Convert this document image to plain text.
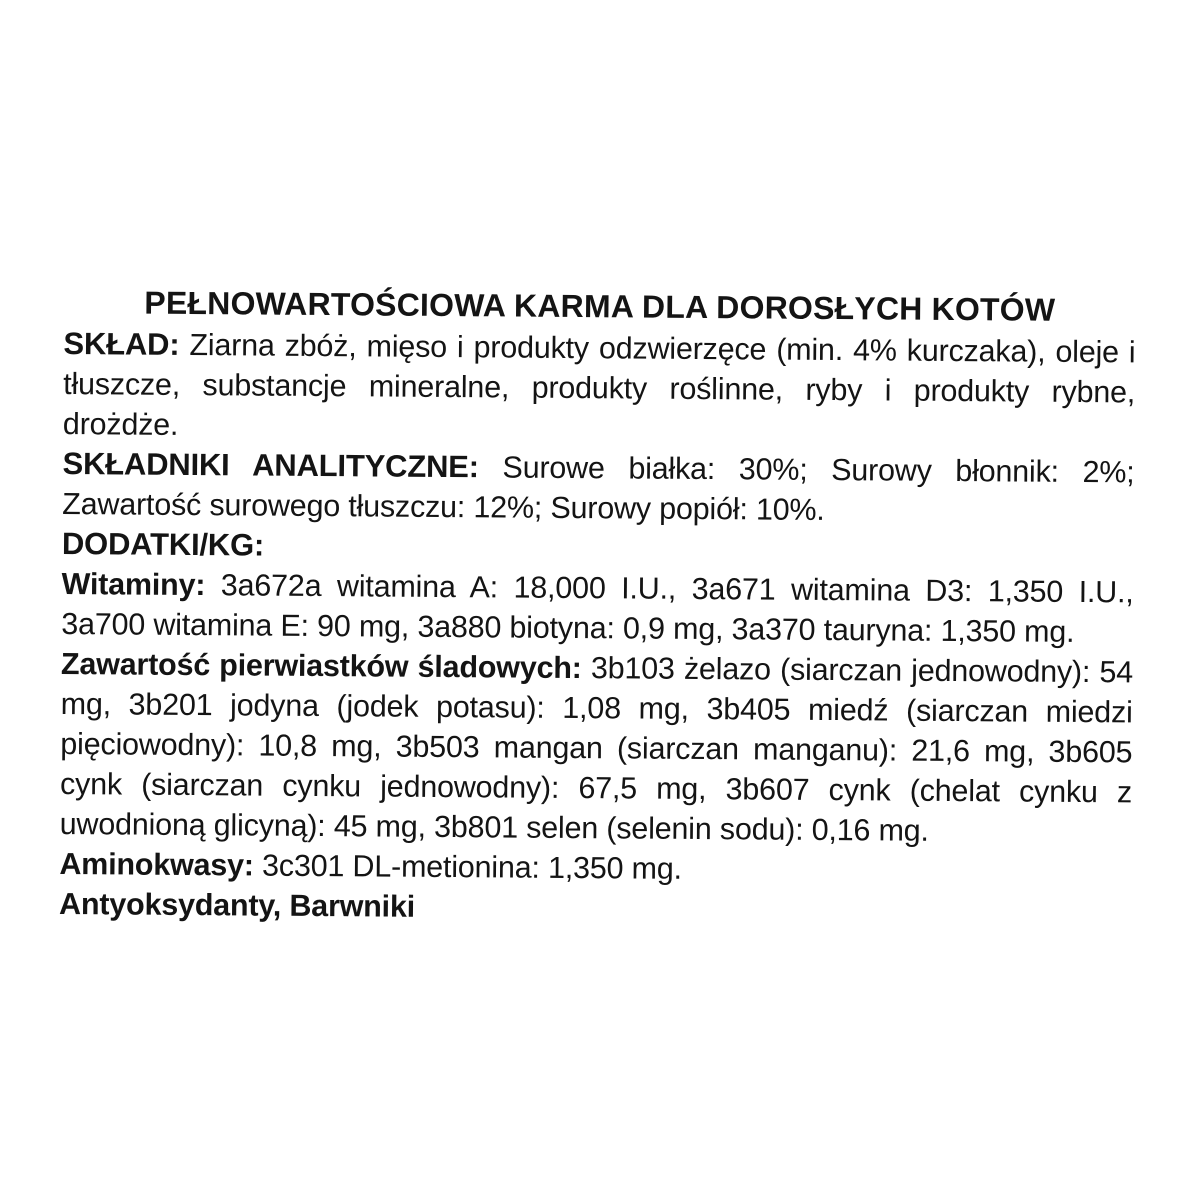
PEŁNOWARTOŚCIOWA KARMA DLA DOROSŁYCH KOTÓW

SKŁAD: Ziarna zbóż, mięso i produkty odzwierzęce (min. 4% kurczaka), oleje i tłuszcze, substancje mineralne, produkty roślinne, ryby i produkty rybne, drożdże.

SKŁADNIKI ANALITYCZNE: Surowe białka: 30%; Surowy błonnik: 2%; Zawartość surowego tłuszczu: 12%; Surowy popiół: 10%.

DODATKI/KG:

Witaminy: 3a672a witamina A: 18,000 I.U., 3a671 witamina D3: 1,350 I.U., 3a700 witamina E: 90 mg, 3a880 biotyna: 0,9 mg, 3a370 tauryna: 1,350 mg.

Zawartość pierwiastków śladowych: 3b103 żelazo (siarczan jednowodny): 54 mg, 3b201 jodyna (jodek potasu): 1,08 mg, 3b405 miedź (siarczan miedzi pięciowodny): 10,8 mg, 3b503 mangan (siarczan manganu): 21,6 mg, 3b605 cynk (siarczan cynku jednowodny): 67,5 mg, 3b607 cynk (chelat cynku z uwodnioną glicyną): 45 mg, 3b801 selen (selenin sodu): 0,16 mg.

Aminokwasy: 3c301 DL-metionina: 1,350 mg.

Antyoksydanty, Barwniki
